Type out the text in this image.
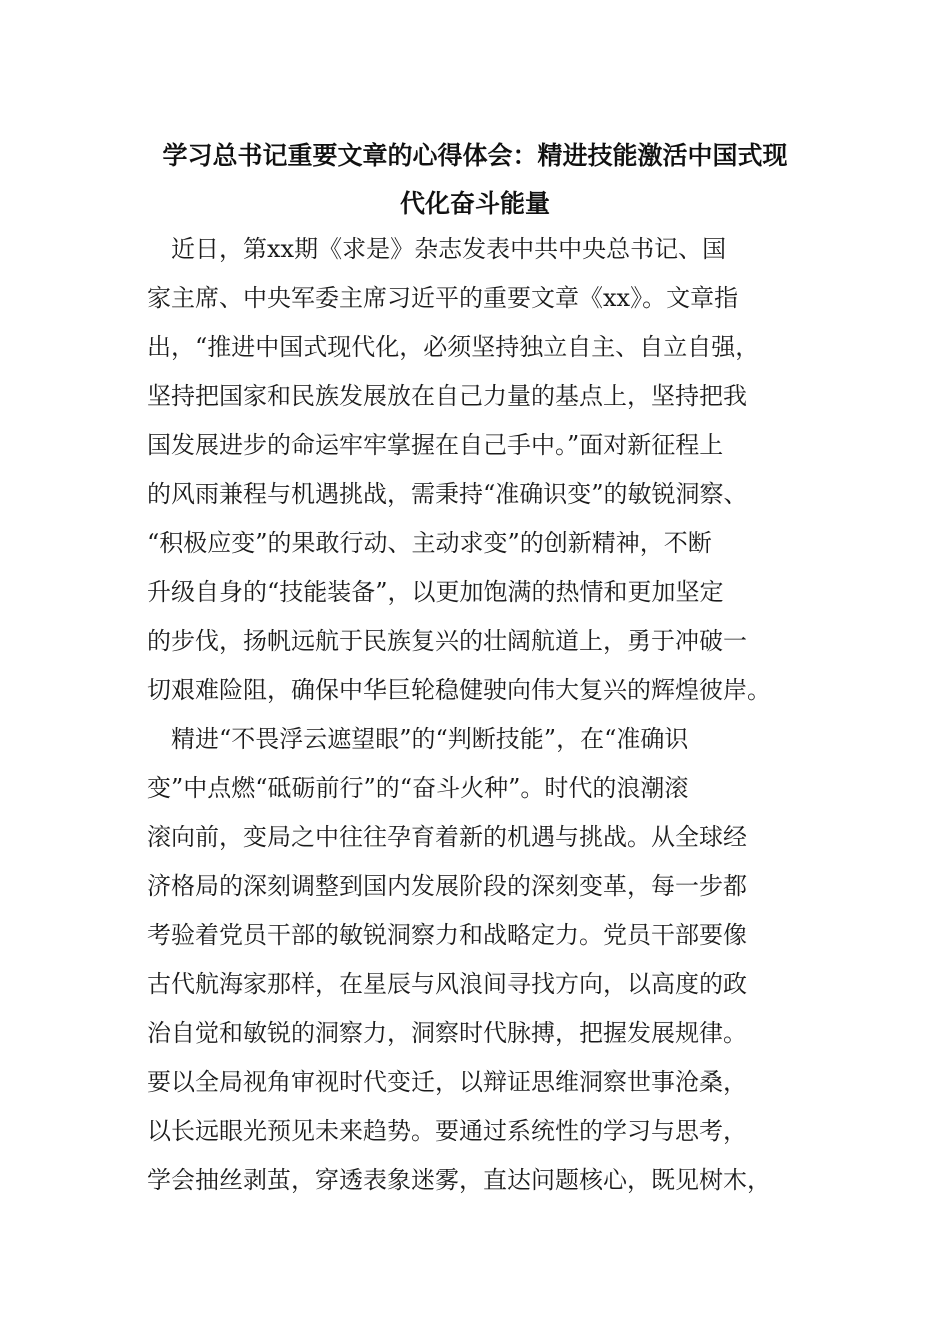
学习总书记重要文章的心得体会：精进技能激活中国式现
代化奋斗能量
　近日，第xx期《求是》杂志发表中共中央总书记、国
家主席、中央军委主席习近平的重要文章《xx》。文章指
出，“推进中国式现代化，必须坚持独立自主、自立自强，
坚持把国家和民族发展放在自己力量的基点上，坚持把我
国发展进步的命运牢牢掌握在自己手中。”面对新征程上
的风雨兼程与机遇挑战，需秉持“准确识变”的敏锐洞察、
“积极应变”的果敢行动、主动求变”的创新精神，不断
升级自身的“技能装备”，以更加饱满的热情和更加坚定
的步伐，扬帆远航于民族复兴的壮阔航道上，勇于冲破一
切艰难险阻，确保中华巨轮稳健驶向伟大复兴的辉煌彼岸。
　精进“不畏浮云遮望眼”的“判断技能”，在“准确识
变”中点燃“砥砺前行”的“奋斗火种”。时代的浪潮滚
滚向前，变局之中往往孕育着新的机遇与挑战。从全球经
济格局的深刻调整到国内发展阶段的深刻变革，每一步都
考验着党员干部的敏锐洞察力和战略定力。党员干部要像
古代航海家那样，在星辰与风浪间寻找方向，以高度的政
治自觉和敏锐的洞察力，洞察时代脉搏，把握发展规律。
要以全局视角审视时代变迁，以辩证思维洞察世事沧桑，
以长远眼光预见未来趋势。要通过系统性的学习与思考，
学会抽丝剥茧，穿透表象迷雾，直达问题核心，既见树木，
